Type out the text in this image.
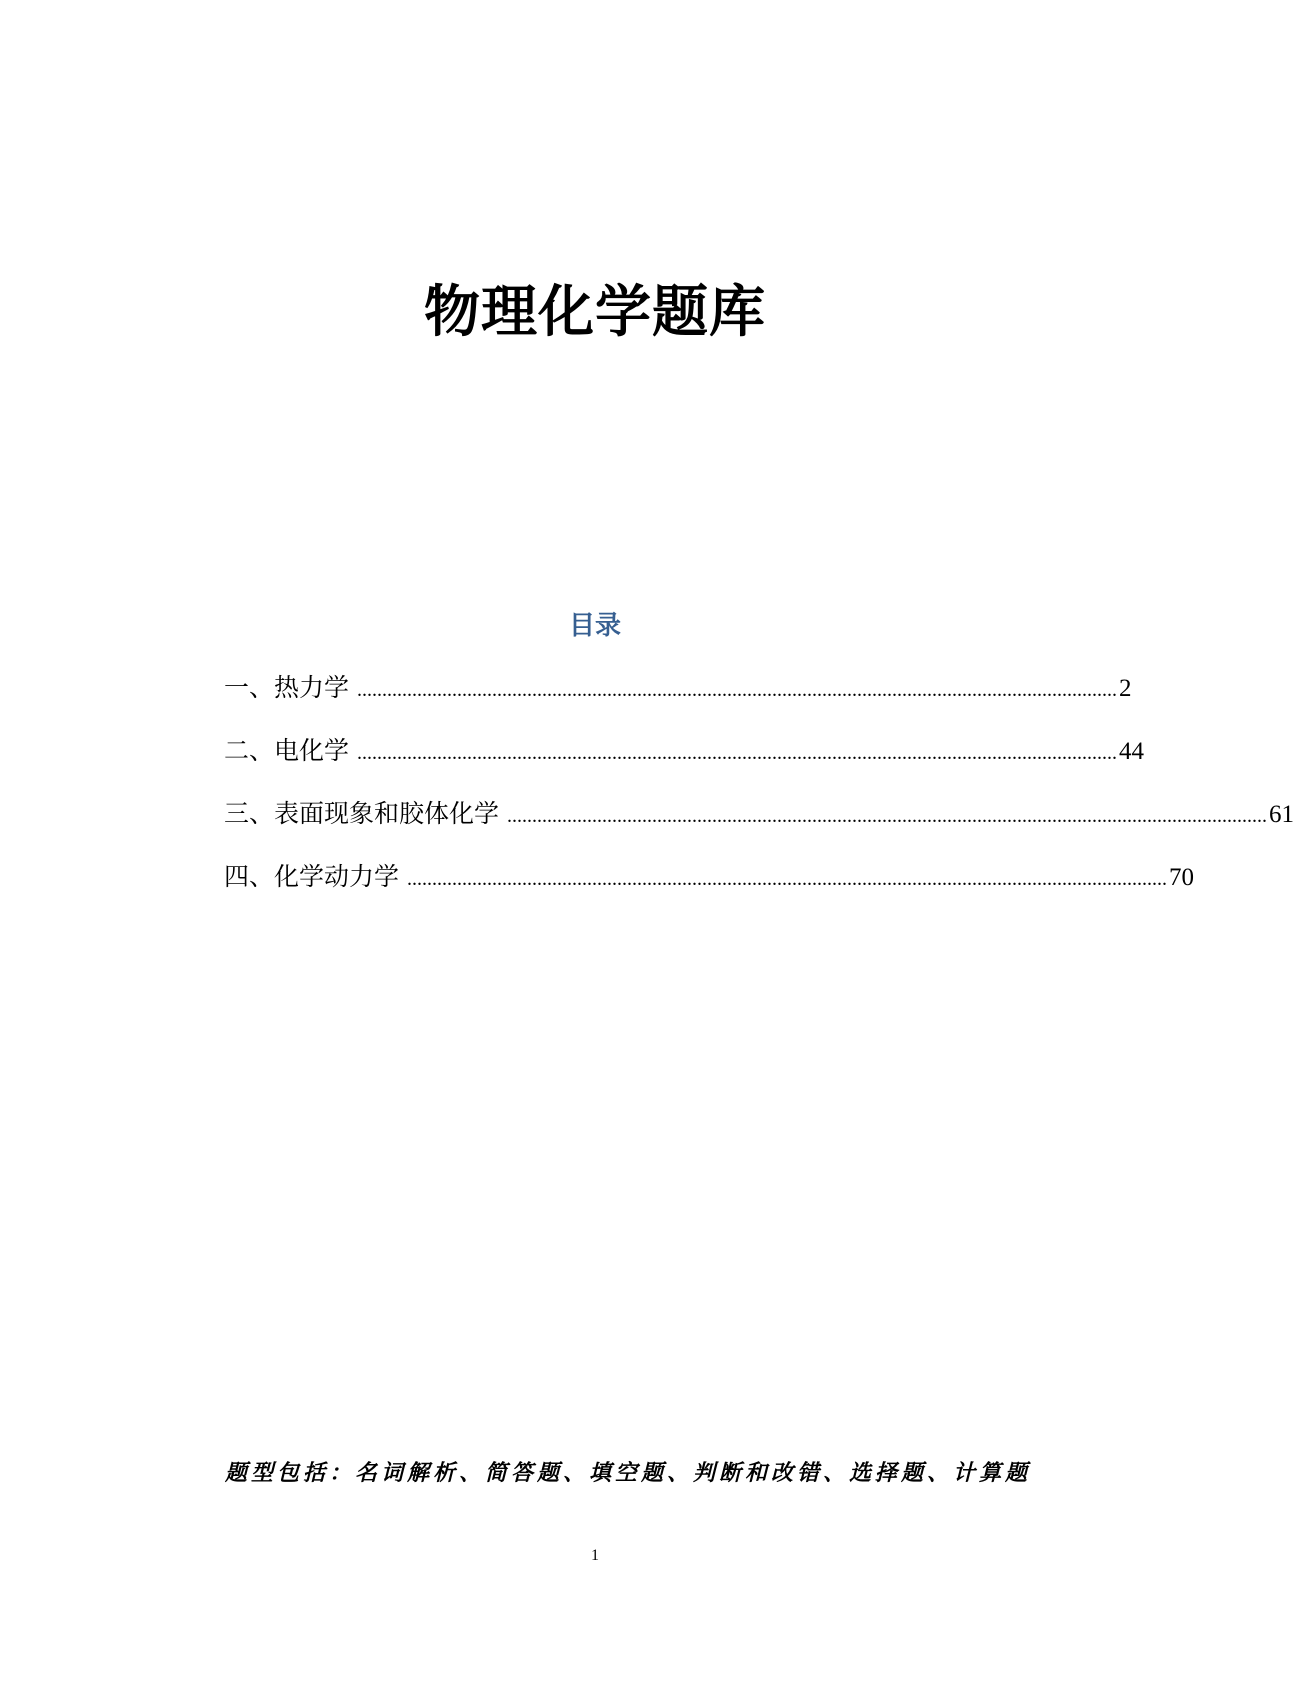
物理化学题库
目录
一、 热力学 ........................................................................................................................................................ 2
二、 电化学 ........................................................................................................................................................ 44
三、 表面现象和胶体化学 ........................................................................................................................................................ 61
四、 化学动力学 ........................................................................................................................................................ 70
题型包括：名词解析、简答题、填空题、判断和改错、选择题、计算题
1
